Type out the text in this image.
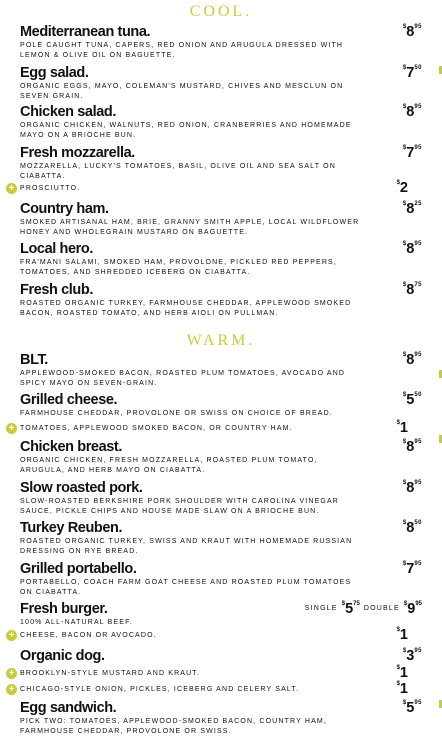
COOL.
Mediterranean tuna.
POLE CAUGHT TUNA, CAPERS, RED ONION AND ARUGULA DRESSED WITH LEMON & OLIVE OIL ON BAGUETTE.
$^{\$}8^{95}$
Egg salad.
ORGANIC EGGS, MAYO, COLEMAN'S MUSTARD, CHIVES AND MESCLUN ON SEVEN GRAIN.
$^{\$}7^{50}$
Chicken salad.
ORGANIC CHICKEN, WALNUTS, RED ONION, CRANBERRIES AND HOMEMADE MAYO ON A BRIOCHE BUN.
$^{\$}8^{95}$
Fresh mozzarella.
MOZZARELLA, LUCKY'S TOMATOES, BASIL, OLIVE OIL AND SEA SALT ON CIABATTA.
$^{\$}7^{95}$
+ PROSCIUTTO.
$2
Country ham.
SMOKED ARTISANAL HAM, BRIE, GRANNY SMITH APPLE, LOCAL WILDFLOWER HONEY AND WHOLEGRAIN MUSTARD ON BAGUETTE.
$^{\$}8^{25}$
Local hero.
FRA'MANI SALAMI, SMOKED HAM, PROVOLONE, PICKLED RED PEPPERS, TOMATOES, AND SHREDDED ICEBERG ON CIABATTA.
$^{\$}8^{95}$
Fresh club.
ROASTED ORGANIC TURKEY, FARMHOUSE CHEDDAR, APPLEWOOD SMOKED BACON, ROASTED TOMATO, AND HERB AIOLI ON PULLMAN.
$^{\$}8^{75}$
WARM.
BLT.
APPLEWOOD-SMOKED BACON, ROASTED PLUM TOMATOES, AVOCADO AND SPICY MAYO ON SEVEN-GRAIN.
$^{\$}8^{95}$
Grilled cheese.
FARMHOUSE CHEDDAR, PROVOLONE OR SWISS ON CHOICE OF BREAD.
$^{\$}5^{50}$
+ TOMATOES, APPLEWOOD SMOKED BACON, OR COUNTRY HAM.
$1
Chicken breast.
ORGANIC CHICKEN, FRESH MOZZARELLA, ROASTED PLUM TOMATO, ARUGULA, AND HERB MAYO ON CIABATTA.
$^{\$}8^{95}$
Slow roasted pork.
SLOW-ROASTED BERKSHIRE PORK SHOULDER WITH CAROLINA VINEGAR SAUCE, PICKLE CHIPS AND HOUSE MADE SLAW ON A BRIOCHE BUN.
$^{\$}8^{95}$
Turkey Reuben.
ROASTED ORGANIC TURKEY, SWISS AND KRAUT WITH HOMEMADE RUSSIAN DRESSING ON RYE BREAD.
$^{\$}8^{50}$
Grilled portabello.
PORTABELLO, COACH FARM GOAT CHEESE AND ROASTED PLUM TOMATOES ON CIABATTA.
$^{\$}7^{95}$
Fresh burger.
100% ALL-NATURAL BEEF.
SINGLE $^{\$}5^{75}$ DOUBLE $^{\$}9^{95}$
+ CHEESE, BACON OR AVOCADO.
$1
Organic dog.	$^{\$}3^{95}$
+ BROOKLYN-STYLE MUSTARD AND KRAUT.
$1
+ CHICAGO-STYLE ONION, PICKLES, ICEBERG AND CELERY SALT.
$1
Egg sandwich.
PICK TWO: TOMATOES, APPLEWOOD-SMOKED BACON, COUNTRY HAM, FARMHOUSE CHEDDAR, PROVOLONE OR SWISS.
$^{\$}5^{95}$
